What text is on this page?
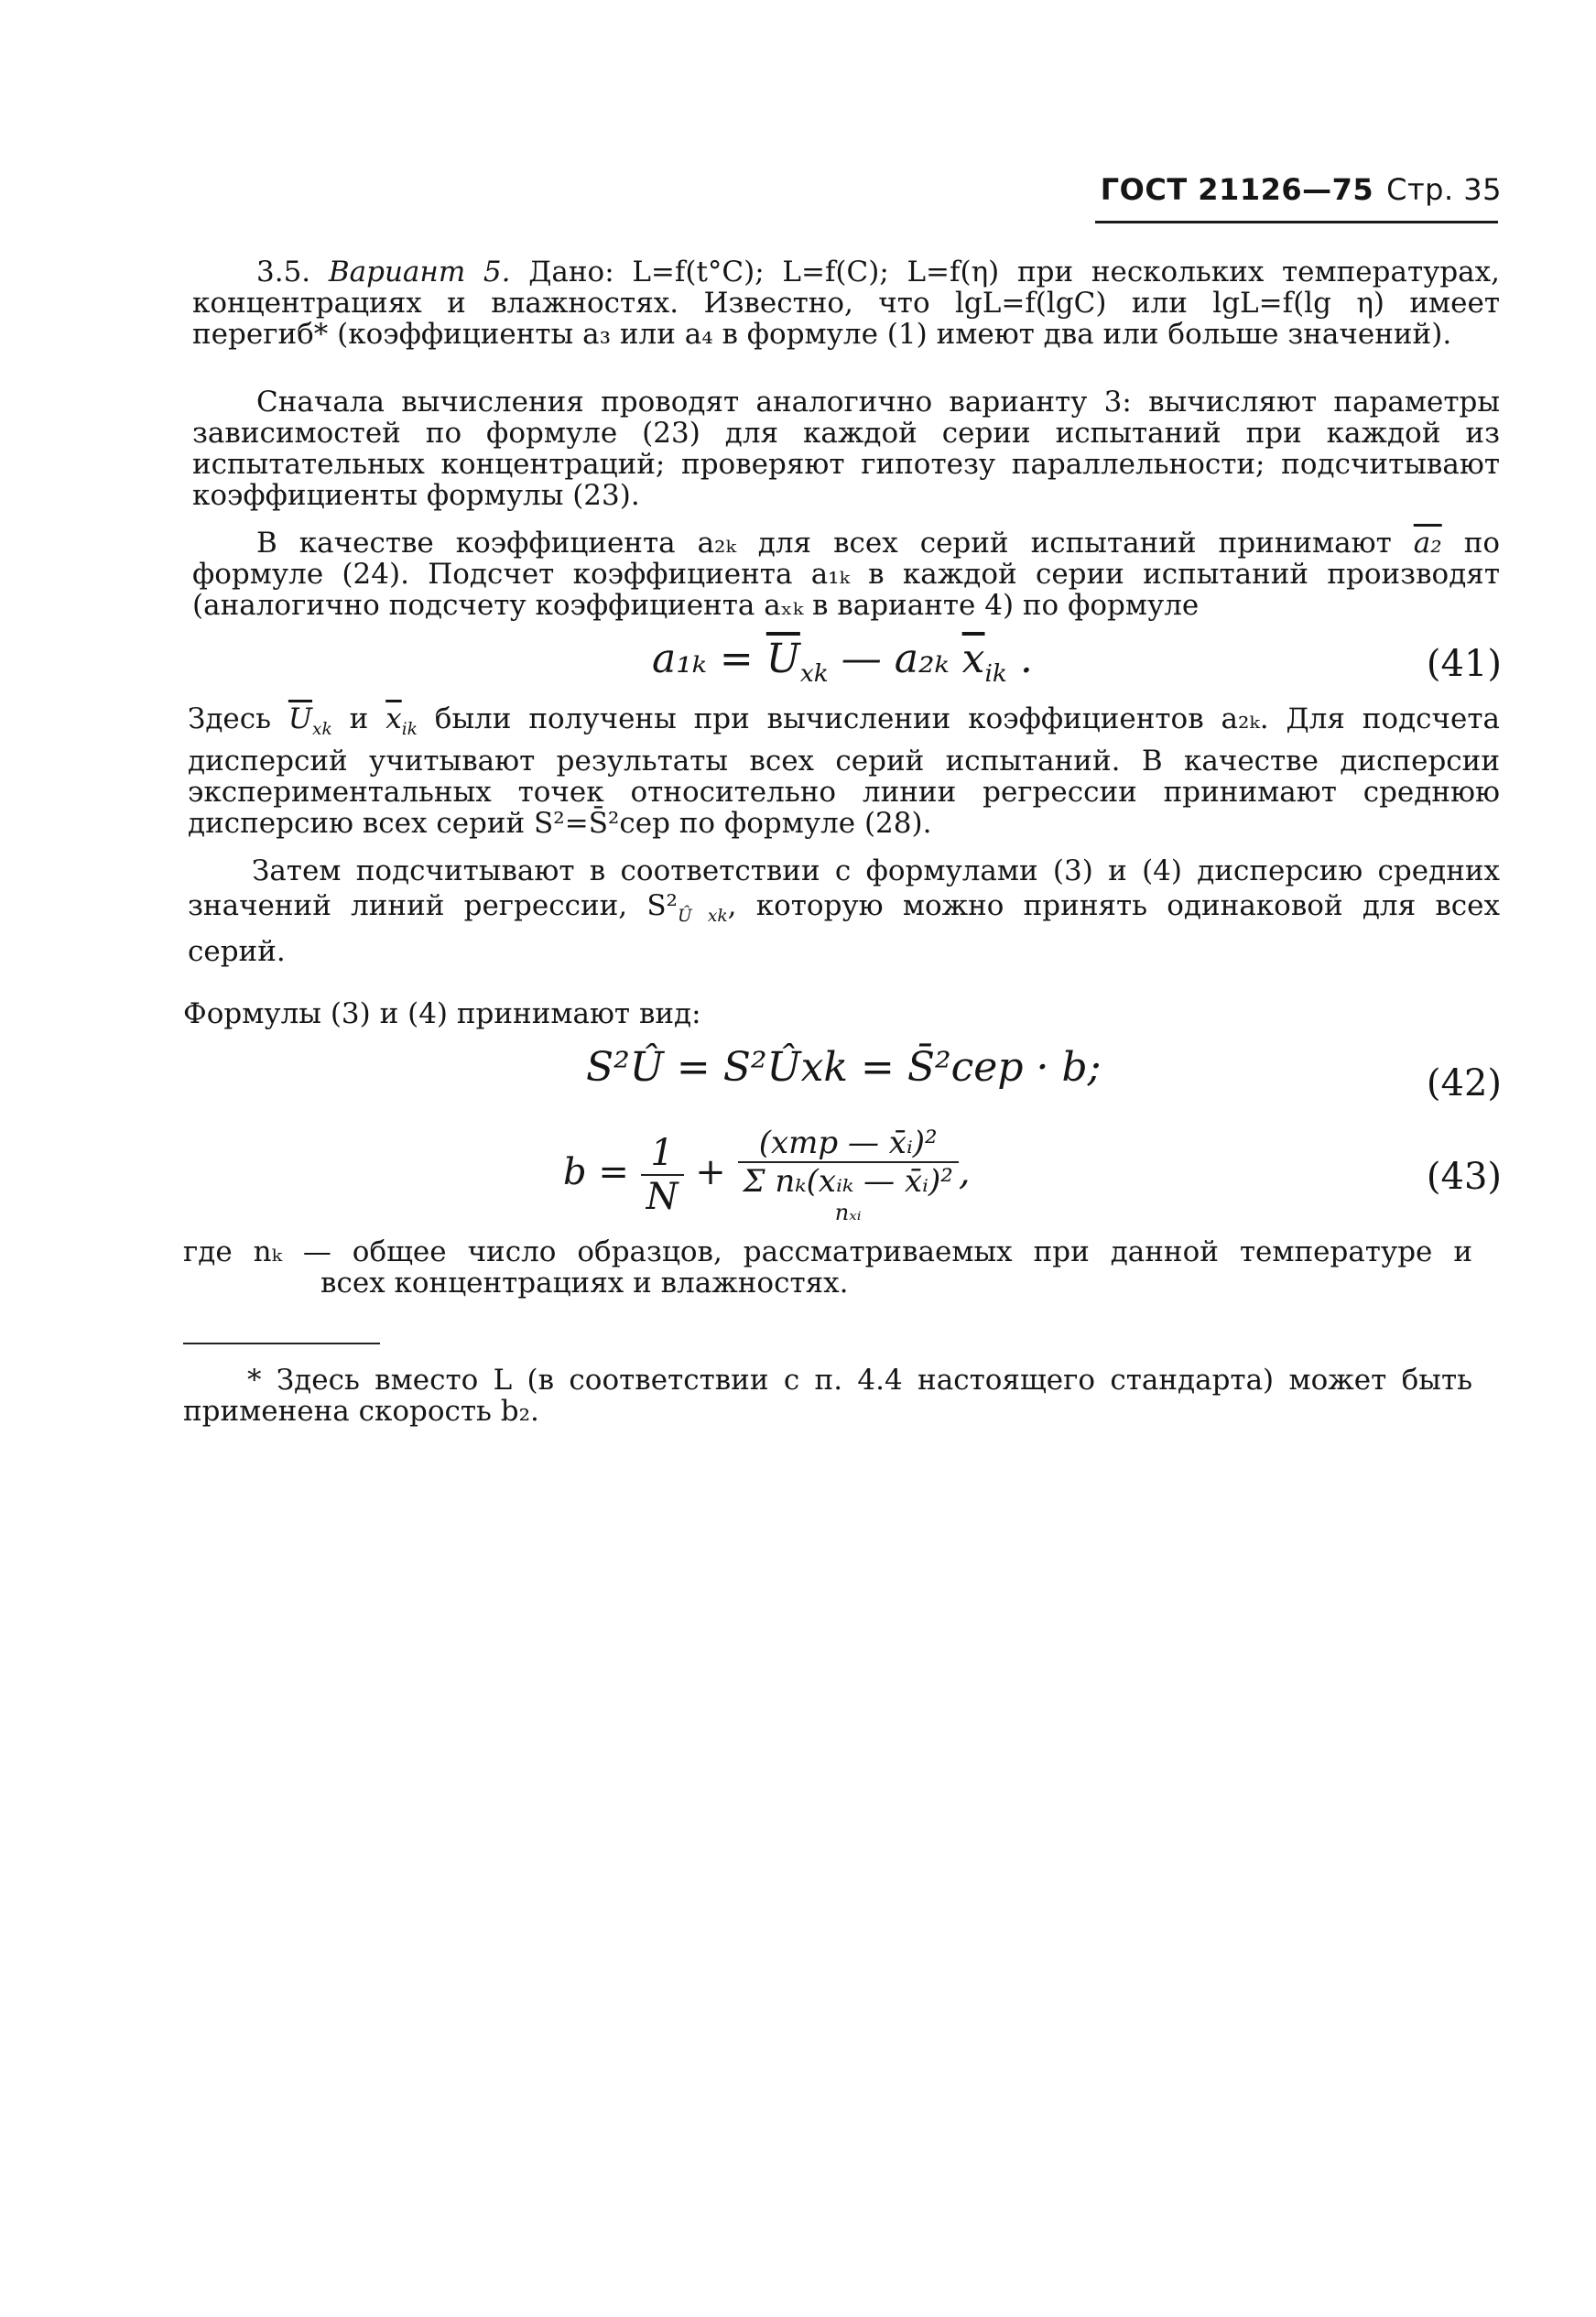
ГОСТ 21126—75 Стр. 35
3.5. Вариант 5. Дано: L=f(t°C); L=f(C); L=f(η) при нескольких температурах, концентрациях и влажностях. Известно, что lgL=f(lgC) или lgL=f(lg η) имеет перегиб* (коэффициенты a₃ или a₄ в формуле (1) имеют два или больше значений).
Сначала вычисления проводят аналогично варианту 3: вычисляют параметры зависимостей по формуле (23) для каждой серии испытаний при каждой из испытательных концентраций; проверяют гипотезу параллельности; подсчитывают коэффициенты формулы (23).
В качестве коэффициента a₂ₖ для всех серий испытаний принимают a₂ по формуле (24). Подсчет коэффициента a₁ₖ в каждой серии испытаний производят (аналогично подсчету коэффициента aₓₖ в варианте 4) по формуле
$a_{1k} = \overline{U}_{xk}$ — a₂ₖ $\overline{x}_{ik}$ .	(41)
Здесь $\overline{U}_{xk}$ и $\overline{x}_{ik}$ были получены при вычислении коэффициентов a₂ₖ. Для подсчета дисперсий учитывают результаты всех серий испытаний. В качестве дисперсии экспериментальных точек относительно линии регрессии принимают среднюю дисперсию всех серий S²=S̄²сер по формуле (28).
Затем подсчитывают в соответствии с формулами (3) и (4) дисперсию средних значений линий регрессии, $S^2_{Û xk}$, которую можно принять одинаковой для всех серий.
Формулы (3) и (4) принимают вид:
S²Û = S²Ûxk = S̄²сер · b;	(42)
$b = \frac{1}{N}$ +
(xтр — x̄ᵢ)²
Σ nₖ(xᵢₖ — x̄ᵢ)²
nₓᵢ
,	(43)
где nₖ — общее число образцов, рассматриваемых при данной температуре и
всех концентрациях и влажностях.
* Здесь вместо L (в соответствии с п. 4.4 настоящего стандарта) может быть применена скорость b₂.
